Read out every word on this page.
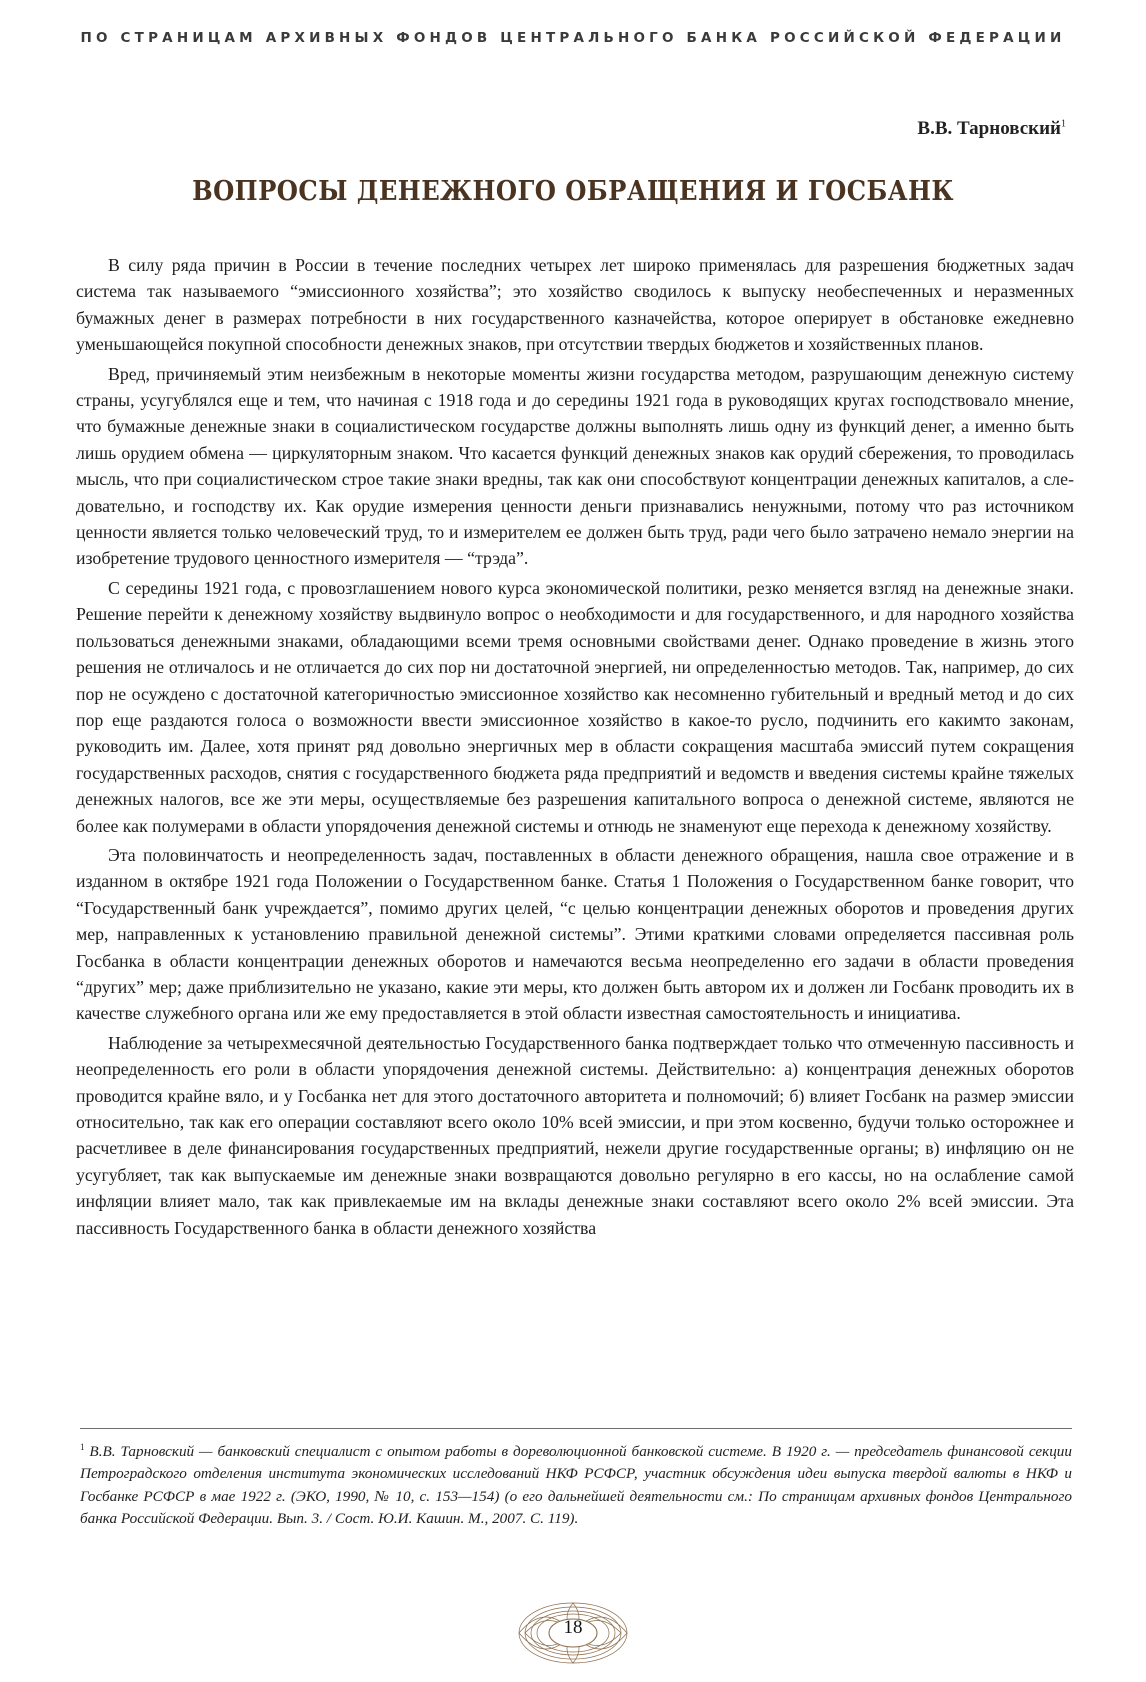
ПО СТРАНИЦАМ АРХИВНЫХ ФОНДОВ ЦЕНТРАЛЬНОГО БАНКА РОССИЙСКОЙ ФЕДЕРАЦИИ
В.В. Тарновский$^1$
ВОПРОСЫ ДЕНЕЖНОГО ОБРАЩЕНИЯ И ГОСБАНК

В силу ряда причин в России в течение последних четырех лет широко применялась для разрешения бюджетных задач система так называемого “эмиссионного хозяйства”; это хозяйство сводилось к выпуску необеспеченных и неразменных бумажных денег в размерах потребности в них государственного казначейства, которое оперирует в обстановке ежедневно уменьшающейся покупной способности денежных знаков, при отсутствии твердых бюджетов и хозяйственных планов.

Вред, причиняемый этим неизбежным в некоторые моменты жизни государства методом, разрушающим денежную систему страны, усугублялся еще и тем, что начиная с 1918 года и до середины 1921 года в руководящих кругах господствовало мнение, что бумажные денежные знаки в социалистическом государстве должны выполнять лишь одну из функций денег, а именно быть лишь орудием обмена — циркуляторным знаком. Что касается функций денежных знаков как орудий сбережения, то проводилась мысль, что при социалистическом строе такие знаки вредны, так как они способствуют концентрации денежных капиталов, а следовательно, и господству их. Как орудие измерения ценности деньги признавались ненужными, потому что раз источником ценности является только человеческий труд, то и измерителем ее должен быть труд, ради чего было затрачено немало энергии на изобретение трудового ценностного измерителя — “трэда”.

С середины 1921 года, с провозглашением нового курса экономической политики, резко меняется взгляд на денежные знаки. Решение перейти к денежному хозяйству выдвинуло вопрос о необходимости и для государственного, и для народного хозяйства пользоваться денежными знаками, обладающими всеми тремя основными свойствами денег. Однако проведение в жизнь этого решения не отличалось и не отличается до сих пор ни достаточной энергией, ни определенностью методов. Так, например, до сих пор не осуждено с достаточной категоричностью эмиссионное хозяйство как несомненно губительный и вредный метод и до сих пор еще раздаются голоса о возможности ввести эмиссионное хозяйство в какое-то русло, подчинить его какимто законам, руководить им. Далее, хотя принят ряд довольно энергичных мер в области сокращения масштаба эмиссий путем сокращения государственных расходов, снятия с государственного бюджета ряда предприятий и ведомств и введения системы крайне тяжелых денежных налогов, все же эти меры, осуществляемые без разрешения капитального вопроса о денежной системе, являются не более как полумерами в области упорядочения денежной системы и отнюдь не знаменуют еще перехода к денежному хозяйству.

Эта половинчатость и неопределенность задач, поставленных в области денежного обращения, нашла свое отражение и в изданном в октябре 1921 года Положении о Государственном банке. Статья 1 Положения о Государственном банке говорит, что “Государственный банк учреждается”, помимо других целей, “с целью концентрации денежных оборотов и проведения других мер, направленных к установлению правильной денежной системы”. Этими краткими словами определяется пассивная роль Госбанка в области концентрации денежных оборотов и намечаются весьма неопределенно его задачи в области проведения “других” мер; даже приблизительно не указано, какие эти меры, кто должен быть автором их и должен ли Госбанк проводить их в качестве служебного органа или же ему предоставляется в этой области известная самостоятельность и инициатива.

Наблюдение за четырехмесячной деятельностью Государственного банка подтверждает только что отмеченную пассивность и неопределенность его роли в области упорядочения денежной системы. Действительно: а) концентрация денежных оборотов проводится крайне вяло, и у Госбанка нет для этого достаточного авторитета и полномочий; б) влияет Госбанк на размер эмиссии относительно, так как его операции составляют всего около 10% всей эмиссии, и при этом косвенно, будучи только осторожнее и расчетливее в деле финансирования государственных предприятий, нежели другие государственные органы; в) инфляцию он не усугубляет, так как выпускаемые им денежные знаки возвращаются довольно регулярно в его кассы, но на ослабление самой инфляции влияет мало, так как привлекаемые им на вклады денежные знаки составляют всего около 2% всей эмиссии. Эта пассивность Государственного банка в области денежного хозяйства

$^1$ В.В. Тарновский — банковский специалист с опытом работы в дореволюционной банковской системе. В 1920 г. — председатель финансовой секции Петроградского отделения института экономических исследований НКФ РСФСР, участник обсуждения идеи выпуска твердой валюты в НКФ и Госбанке РСФСР в мае 1922 г. (ЭКО, 1990, № 10, с. 153—154) (о его дальнейшей деятельности см.: По страницам архивных фондов Центрального банка Российской Федерации. Вып. 3. / Сост. Ю.И. Кашин. М., 2007. С. 119).
18
